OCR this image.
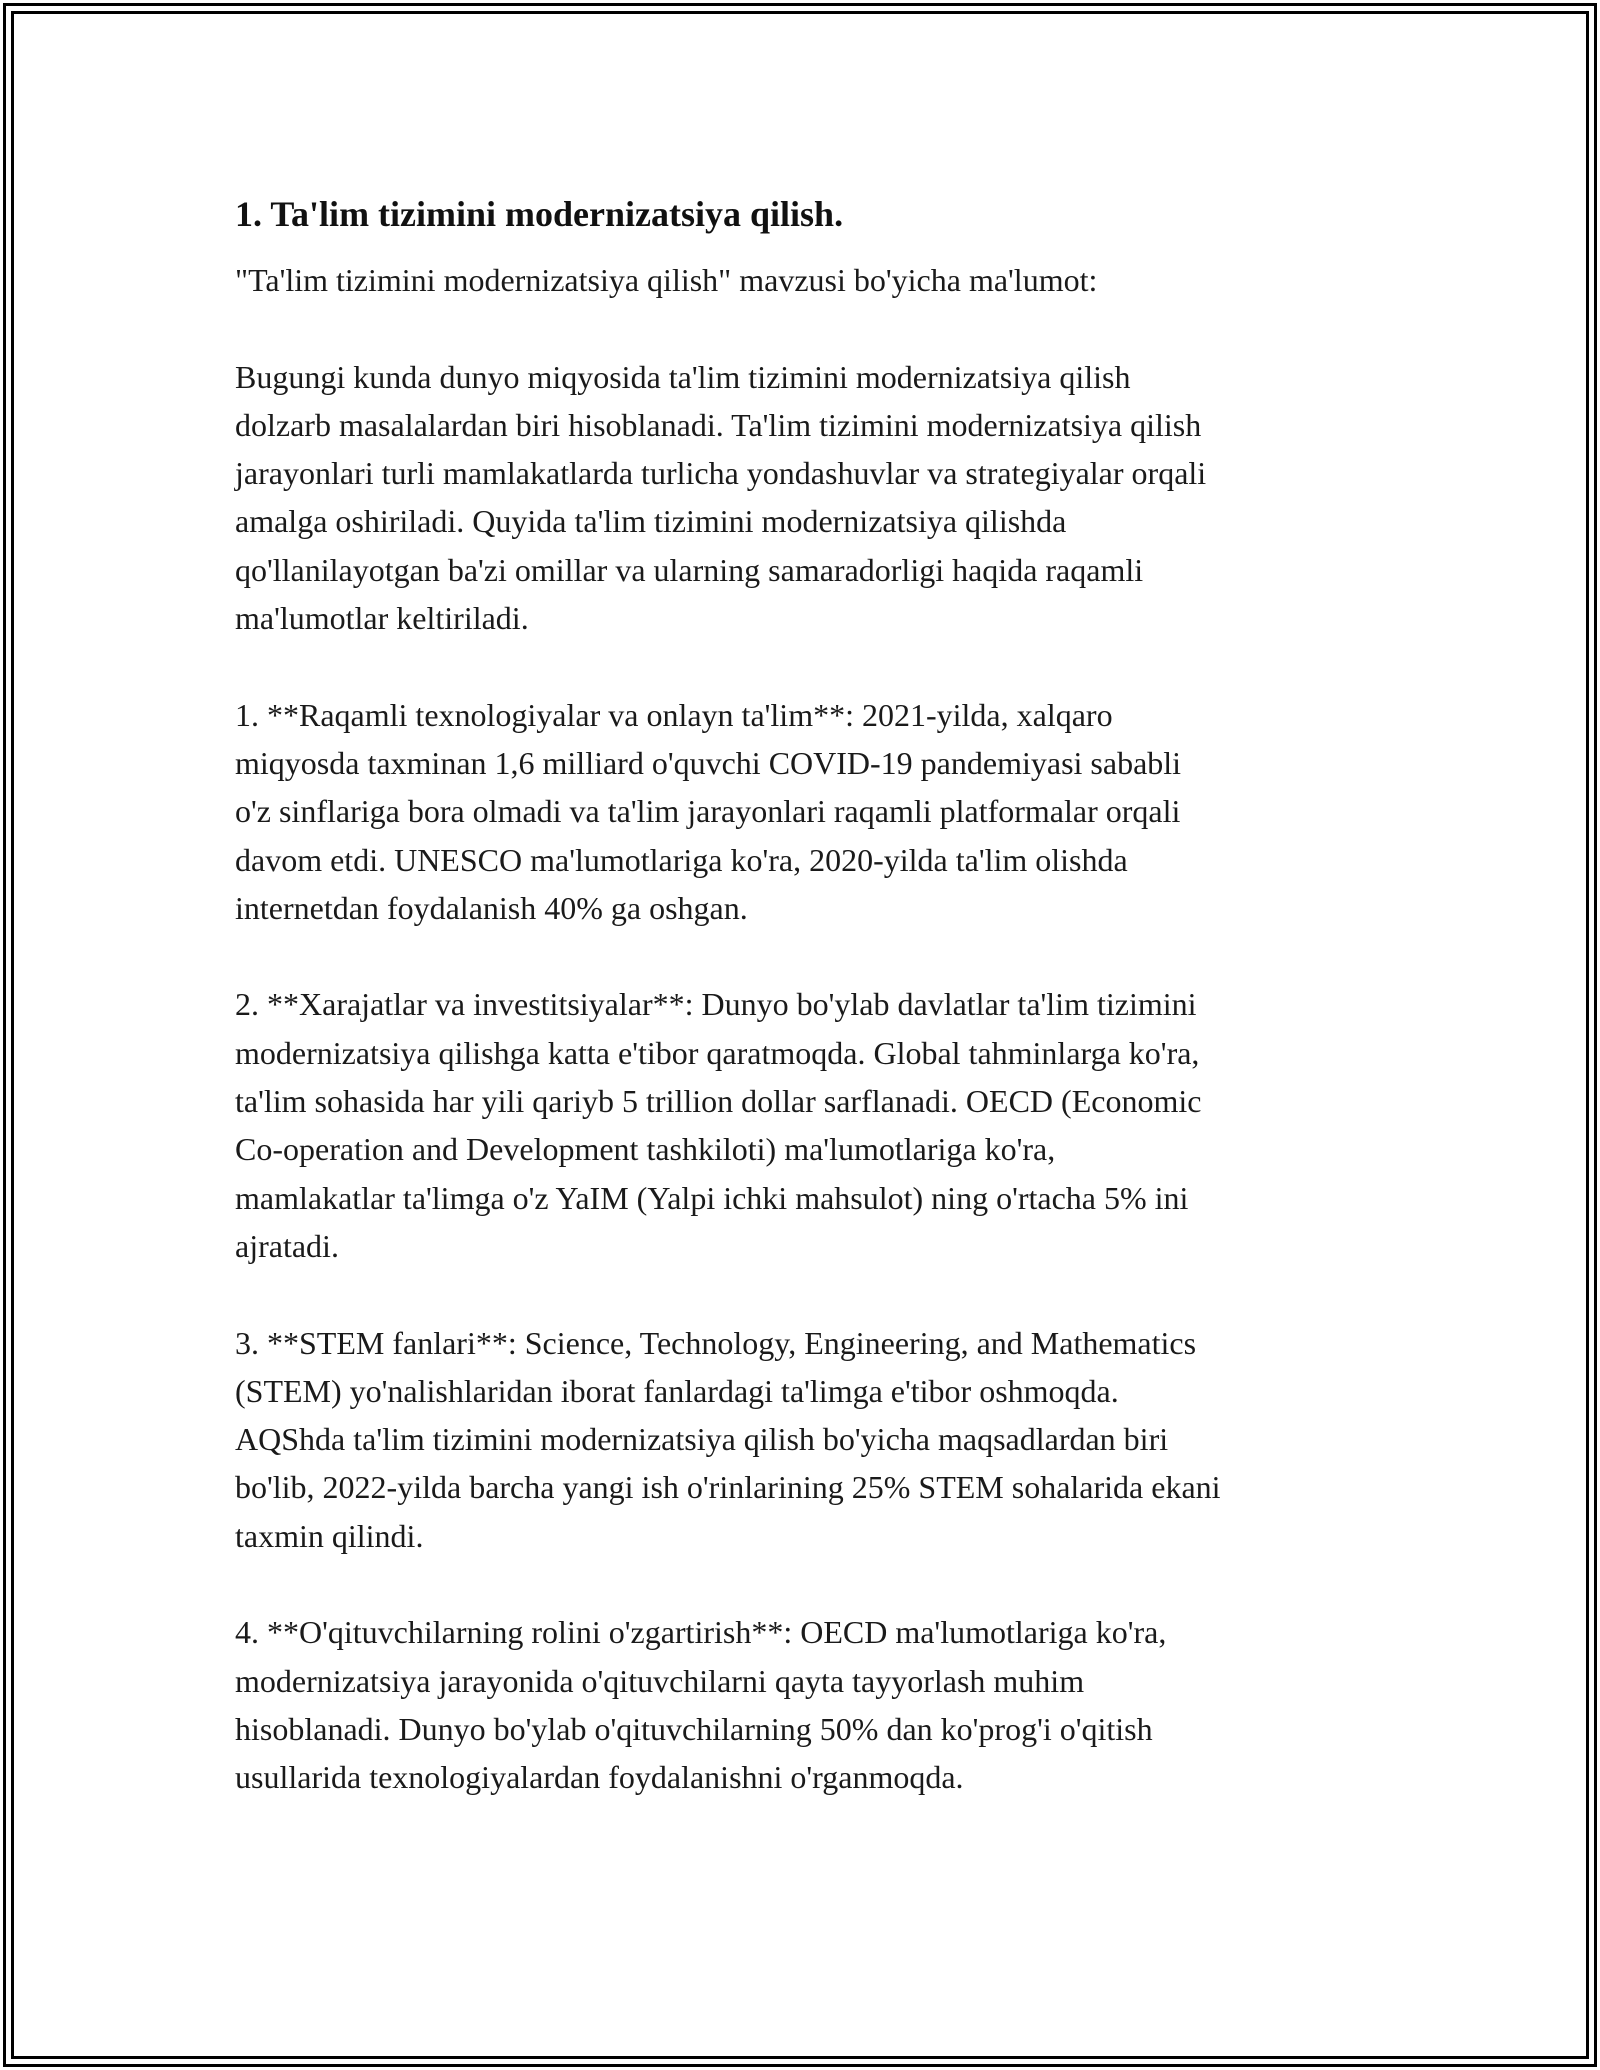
1. Ta'lim tizimini modernizatsiya qilish.
"Ta'lim tizimini modernizatsiya qilish" mavzusi bo'yicha ma'lumot:
Bugungi kunda dunyo miqyosida ta'lim tizimini modernizatsiya qilish
dolzarb masalalardan biri hisoblanadi. Ta'lim tizimini modernizatsiya qilish
jarayonlari turli mamlakatlarda turlicha yondashuvlar va strategiyalar orqali
amalga oshiriladi. Quyida ta'lim tizimini modernizatsiya qilishda
qo'llanilayotgan ba'zi omillar va ularning samaradorligi haqida raqamli
ma'lumotlar keltiriladi.
1. **Raqamli texnologiyalar va onlayn ta'lim**: 2021-yilda, xalqaro
miqyosda taxminan 1,6 milliard o'quvchi COVID-19 pandemiyasi sababli
o'z sinflariga bora olmadi va ta'lim jarayonlari raqamli platformalar orqali
davom etdi. UNESCO ma'lumotlariga ko'ra, 2020-yilda ta'lim olishda
internetdan foydalanish 40% ga oshgan.
2. **Xarajatlar va investitsiyalar**: Dunyo bo'ylab davlatlar ta'lim tizimini
modernizatsiya qilishga katta e'tibor qaratmoqda. Global tahminlarga ko'ra,
ta'lim sohasida har yili qariyb 5 trillion dollar sarflanadi. OECD (Economic
Co-operation and Development tashkiloti) ma'lumotlariga ko'ra,
mamlakatlar ta'limga o'z YaIM (Yalpi ichki mahsulot) ning o'rtacha 5% ini
ajratadi.
3. **STEM fanlari**: Science, Technology, Engineering, and Mathematics
(STEM) yo'nalishlaridan iborat fanlardagi ta'limga e'tibor oshmoqda.
AQShda ta'lim tizimini modernizatsiya qilish bo'yicha maqsadlardan biri
bo'lib, 2022-yilda barcha yangi ish o'rinlarining 25% STEM sohalarida ekani
taxmin qilindi.
4. **O'qituvchilarning rolini o'zgartirish**: OECD ma'lumotlariga ko'ra,
modernizatsiya jarayonida o'qituvchilarni qayta tayyorlash muhim
hisoblanadi. Dunyo bo'ylab o'qituvchilarning 50% dan ko'prog'i o'qitish
usullarida texnologiyalardan foydalanishni o'rganmoqda.
